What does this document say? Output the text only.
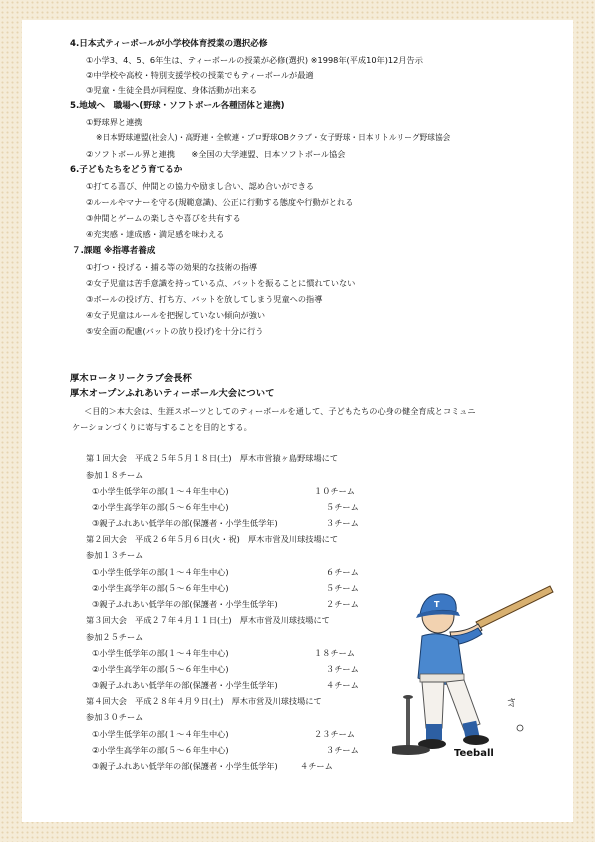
4.日本式ティーボールが小学校体育授業の選択必修
①小学3、4、5、6年生は、ティーボールの授業が必修(選択) ※1998年(平成10年)12月告示
②中学校や高校・特別支援学校の授業でもティーボールが最適
③児童・生徒全員が同程度、身体活動が出来る
5.地域へ　職場へ(野球・ソフトボール各種団体と連携)
①野球界と連携
※日本野球連盟(社会人)・高野連・全軟連・プロ野球OBクラブ・女子野球・日本リトルリーグ野球協会
②ソフトボール界と連携　　※全国の大学連盟、日本ソフトボール協会
6.子どもたちをどう育てるか
①打てる喜び、仲間との協力や励まし合い、認め合いができる
②ルールやマナーを守る(規範意識)、公正に行動する態度や行動がとれる
③仲間とゲームの楽しさや喜びを共有する
④充実感・達成感・満足感を味わえる
７.課題 ※指導者養成
①打つ・投げる・捕る等の効果的な技術の指導
②女子児童は苦手意識を持っている点、バットを振ることに慣れていない
③ボールの投げ方、打ち方、バットを放してしまう児童への指導
④女子児童はルールを把握していない傾向が強い
⑤安全面の配慮(バットの放り投げ)を十分に行う
厚木ロータリークラブ会長杯
厚木オープンふれあいティーボール大会について
＜目的＞本大会は、生涯スポーツとしてのティーボールを通して、子どもたちの心身の健全育成とコミュニ
ケーションづくりに寄与することを目的とする。
第１回大会　平成２５年５月１８日(土)　厚木市営猿ヶ島野球場にて
参加１８チーム
①小学生低学年の部(１～４年生中心)	１０チーム
②小学生高学年の部(５～６年生中心)	５チーム
③親子ふれあい低学年の部(保護者・小学生低学年)	３チーム
第２回大会　平成２６年５月６日(火・祝)　厚木市営及川球技場にて
参加１３チーム
①小学生低学年の部(１～４年生中心)	６チーム
②小学生高学年の部(５～６年生中心)	５チーム
③親子ふれあい低学年の部(保護者・小学生低学年)	２チーム
第３回大会　平成２７年４月１１日(土)　厚木市営及川球技場にて
参加２５チーム
①小学生低学年の部(１～４年生中心)	１８チーム
②小学生高学年の部(５～６年生中心)	３チーム
③親子ふれあい低学年の部(保護者・小学生低学年)	４チーム
第４回大会　平成２８年４月９日(土)　厚木市営及川球技場にて
参加３０チーム
①小学生低学年の部(１～４年生中心)	２３チーム
②小学生高学年の部(５～６年生中心)	３チーム
③親子ふれあい低学年の部(保護者・小学生低学年)	４チーム
T
ﾔﾏ
Teeball
